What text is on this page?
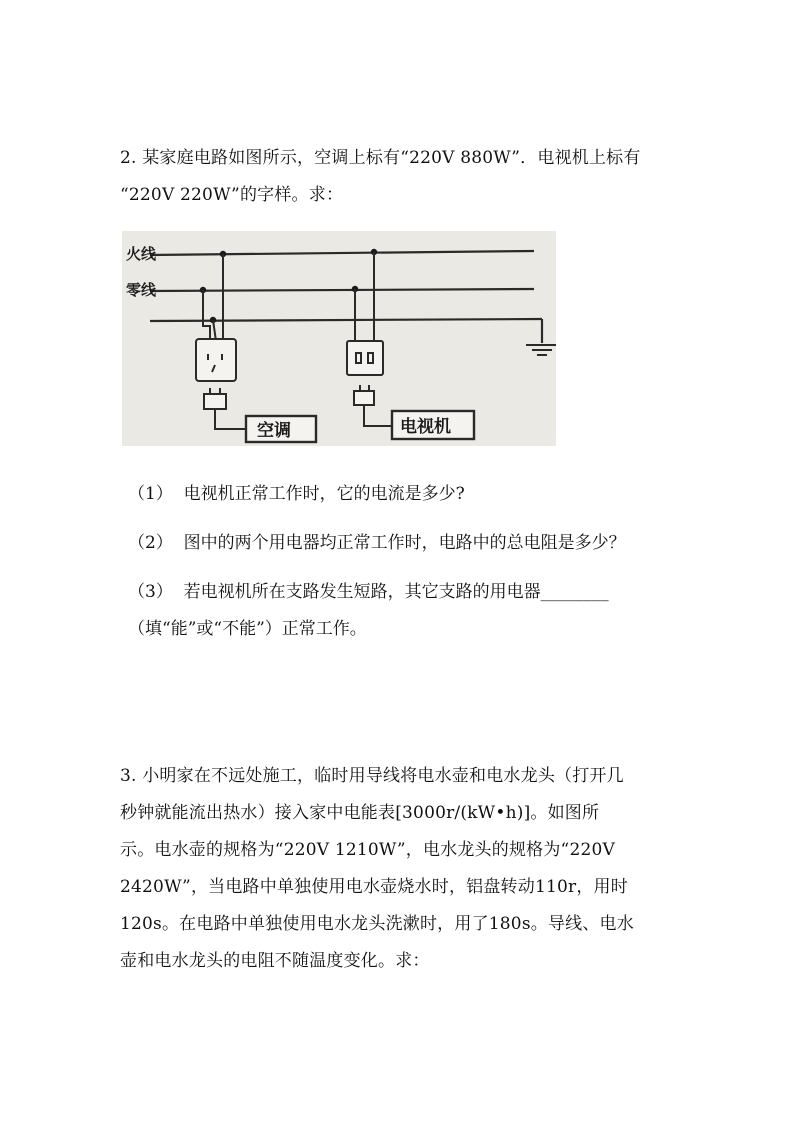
2. 某家庭电路如图所示，空调上标有“220V 880W”．电视机上标有
“220V 220W”的字样。求：
火线
零线
空调	电视机
（1）  电视机正常工作时，它的电流是多少?
（2）  图中的两个用电器均正常工作时，电路中的总电阻是多少？
（3）  若电视机所在支路发生短路，其它支路的用电器________
（填“能”或“不能”）正常工作。
3. 小明家在不远处施工，临时用导线将电水壶和电水龙头（打开几
秒钟就能流出热水）接入家中电能表[3000r/(kW•h)]。如图所
示。电水壶的规格为“220V 1210W”，电水龙头的规格为“220V
2420W”，当电路中单独使用电水壶烧水时，铝盘转动110r，用时
120s。在电路中单独使用电水龙头洗漱时，用了180s。导线、电水
壶和电水龙头的电阻不随温度变化。求：
